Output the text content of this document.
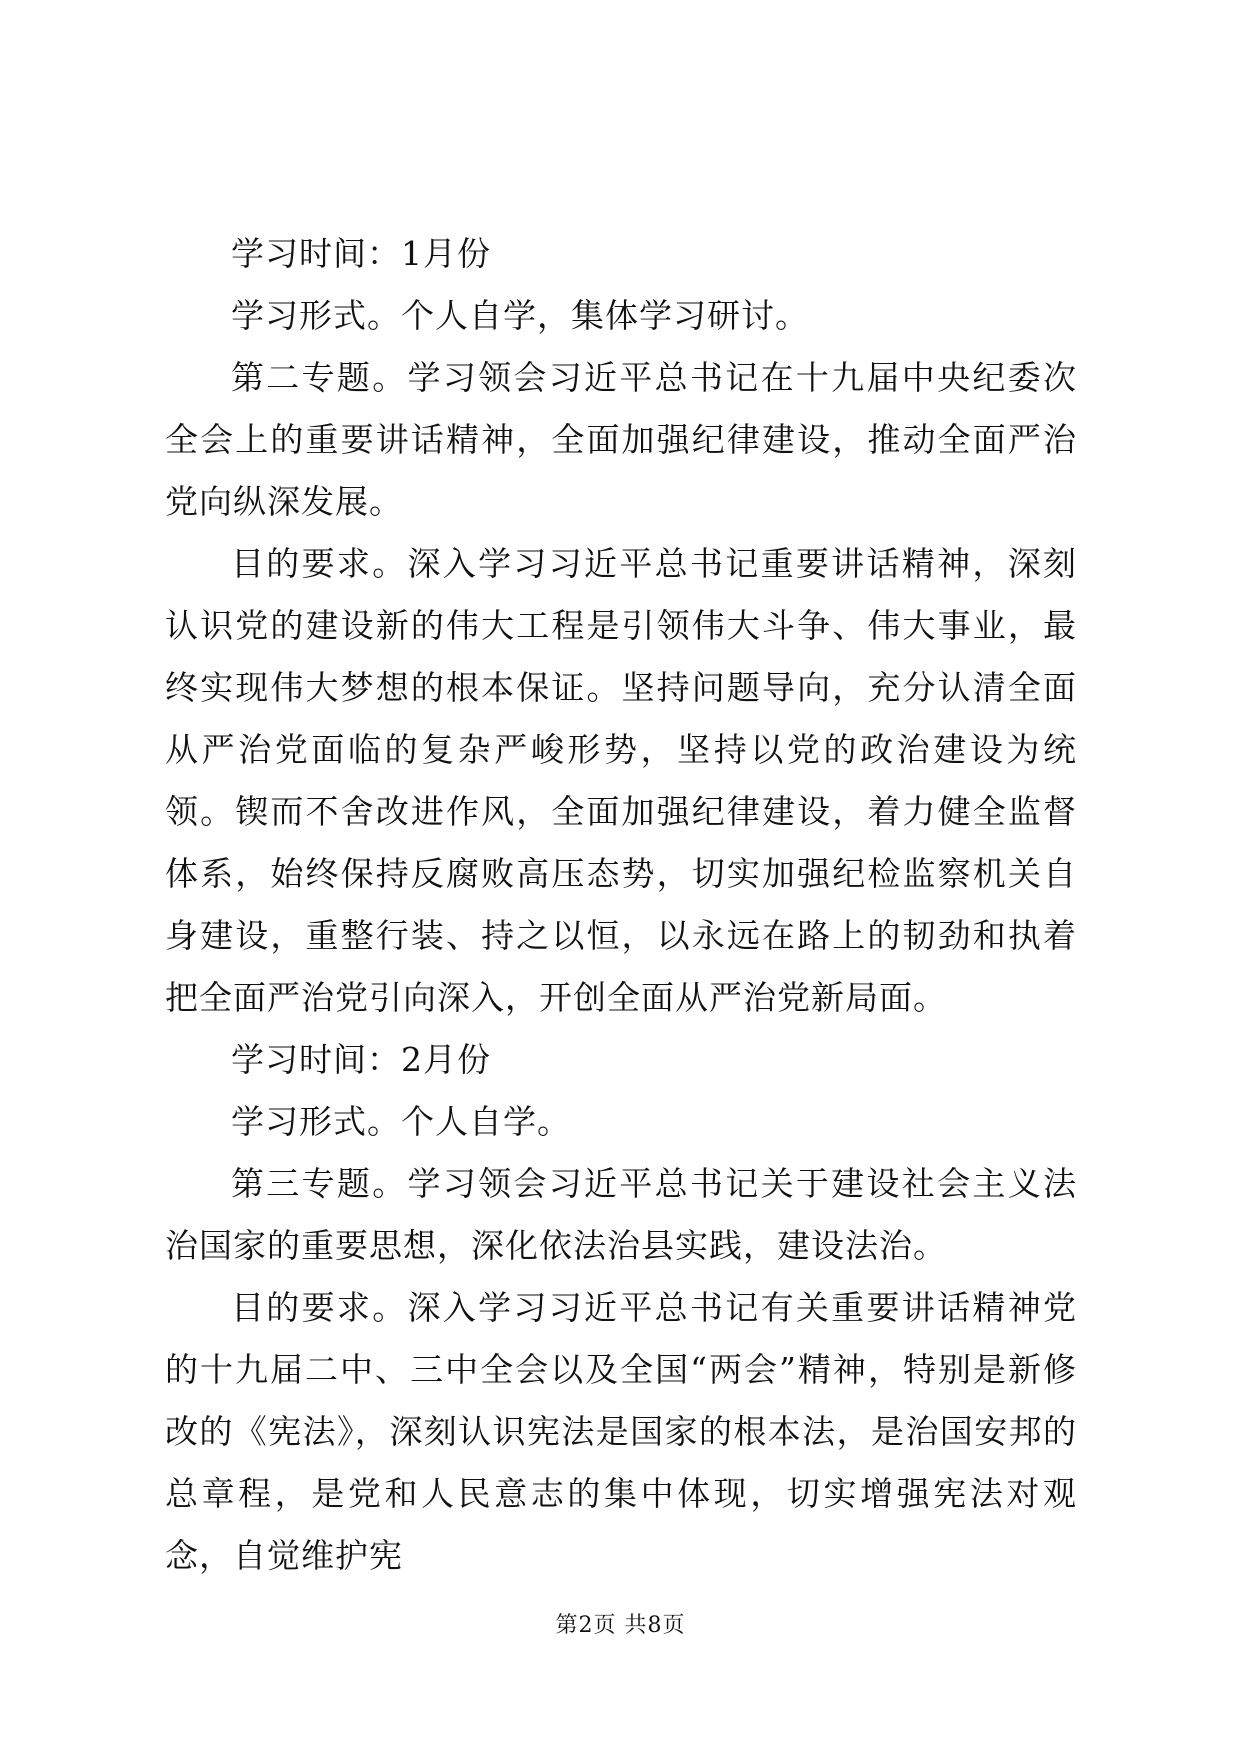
学习时间：1月份

学习形式。个人自学，集体学习研讨。

第二专题。学习领会习近平总书记在十九届中央纪委次全会上的重要讲话精神，全面加强纪律建设，推动全面严治党向纵深发展。

目的要求。深入学习习近平总书记重要讲话精神，深刻认识党的建设新的伟大工程是引领伟大斗争、伟大事业，最终实现伟大梦想的根本保证。坚持问题导向，充分认清全面从严治党面临的复杂严峻形势，坚持以党的政治建设为统领。锲而不舍改进作风，全面加强纪律建设，着力健全监督体系，始终保持反腐败高压态势，切实加强纪检监察机关自身建设，重整行装、持之以恒，以永远在路上的韧劲和执着把全面严治党引向深入，开创全面从严治党新局面。

学习时间：2月份

学习形式。个人自学。

第三专题。学习领会习近平总书记关于建设社会主义法治国家的重要思想，深化依法治县实践，建设法治。

目的要求。深入学习习近平总书记有关重要讲话精神党的十九届二中、三中全会以及全国“两会”精神，特别是新修改的《宪法》，深刻认识宪法是国家的根本法，是治国安邦的总章程，是党和人民意志的集中体现，切实增强宪法对观念，自觉维护宪

第2页 共8页
